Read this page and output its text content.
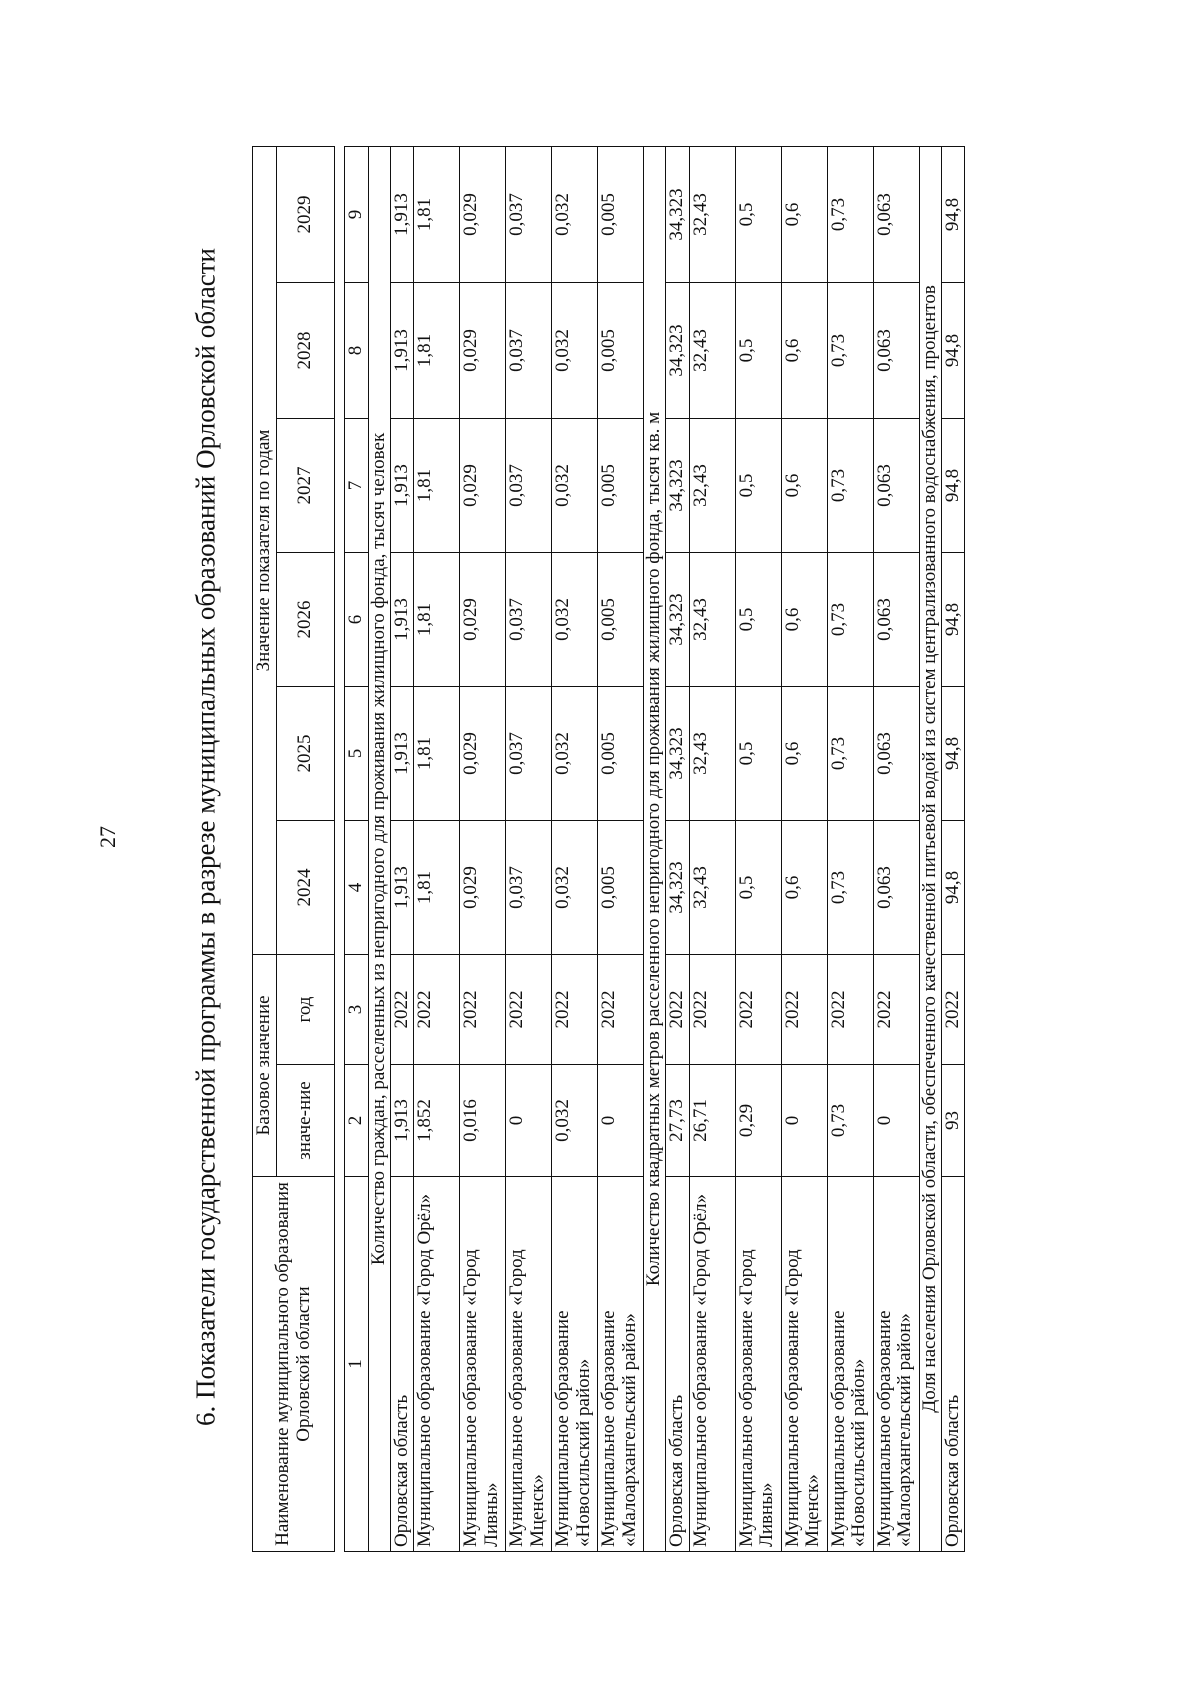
27	6. Показатели государственной программы в разрезе муниципальных образований Орловской области	Наименование муниципального образования Орловской области	Базовое значение		Значение показателя по годам					
	значе-ние	год	2024	2025	2026	2027	2028	2029

1	2	3	4	5	6	7	8	9
Количество граждан, расселенных из непригодного для проживания жилищного фонда, тысяч человек								
Орловская область	1,913	2022	1,913	1,913	1,913	1,913	1,913	1,913
Муниципальное образование «Город Орёл»	1,852	2022	1,81	1,81	1,81	1,81	1,81	1,81
Муниципальное образование «Город Ливны»	0,016	2022	0,029	0,029	0,029	0,029	0,029	0,029
Муниципальное образование «Город Мценск»	0	2022	0,037	0,037	0,037	0,037	0,037	0,037
Муниципальное образование «Новосильский район»	0,032	2022	0,032	0,032	0,032	0,032	0,032	0,032
Муниципальное образование «Малоархангельский район»	0	2022	0,005	0,005	0,005	0,005	0,005	0,005
Количество квадратных метров расселенного непригодного для проживания жилищного фонда, тысяч кв. м								
Орловская область	27,73	2022	34,323	34,323	34,323	34,323	34,323	34,323
Муниципальное образование «Город Орёл»	26,71	2022	32,43	32,43	32,43	32,43	32,43	32,43
Муниципальное образование «Город Ливны»	0,29	2022	0,5	0,5	0,5	0,5	0,5	0,5
Муниципальное образование «Город Мценск»	0	2022	0,6	0,6	0,6	0,6	0,6	0,6
Муниципальное образование «Новосильский район»	0,73	2022	0,73	0,73	0,73	0,73	0,73	0,73
Муниципальное образование «Малоархангельский район»	0	2022	0,063	0,063	0,063	0,063	0,063	0,063
Доля населения Орловской области, обеспеченного качественной питьевой водой из систем централизованного водоснабжения, процентов								
Орловская область	93	2022	94,8	94,8	94,8	94,8	94,8	94,8
